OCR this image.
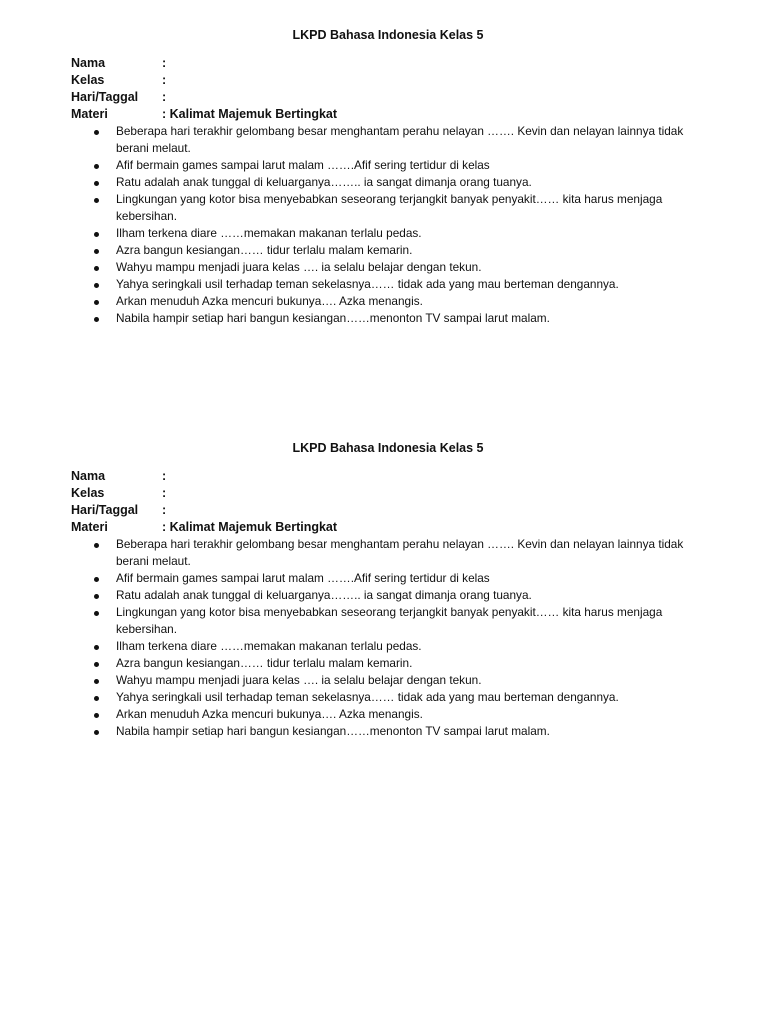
LKPD Bahasa Indonesia Kelas 5
Nama	:
Kelas	:
Hari/Taggal	:
Materi	: Kalimat Majemuk Bertingkat
Beberapa hari terakhir gelombang besar menghantam perahu nelayan ……. Kevin dan nelayan lainnya tidak berani melaut.
Afif bermain games sampai larut malam …….Afif sering tertidur di kelas
Ratu adalah anak tunggal di keluarganya…….. ia sangat dimanja orang tuanya.
Lingkungan yang kotor bisa menyebabkan seseorang terjangkit banyak penyakit…… kita harus menjaga kebersihan.
Ilham terkena diare ……memakan makanan terlalu pedas.
Azra bangun kesiangan…… tidur terlalu malam kemarin.
Wahyu mampu menjadi juara kelas …. ia selalu belajar dengan tekun.
Yahya seringkali usil terhadap teman sekelasnya…… tidak ada yang mau berteman dengannya.
Arkan menuduh Azka mencuri bukunya…. Azka menangis.
Nabila hampir setiap hari bangun kesiangan……menonton TV sampai larut malam.
LKPD Bahasa Indonesia Kelas 5
Nama	:
Kelas	:
Hari/Taggal	:
Materi	: Kalimat Majemuk Bertingkat
Beberapa hari terakhir gelombang besar menghantam perahu nelayan ……. Kevin dan nelayan lainnya tidak berani melaut.
Afif bermain games sampai larut malam …….Afif sering tertidur di kelas
Ratu adalah anak tunggal di keluarganya…….. ia sangat dimanja orang tuanya.
Lingkungan yang kotor bisa menyebabkan seseorang terjangkit banyak penyakit…… kita harus menjaga kebersihan.
Ilham terkena diare ……memakan makanan terlalu pedas.
Azra bangun kesiangan…… tidur terlalu malam kemarin.
Wahyu mampu menjadi juara kelas …. ia selalu belajar dengan tekun.
Yahya seringkali usil terhadap teman sekelasnya…… tidak ada yang mau berteman dengannya.
Arkan menuduh Azka mencuri bukunya…. Azka menangis.
Nabila hampir setiap hari bangun kesiangan……menonton TV sampai larut malam.
